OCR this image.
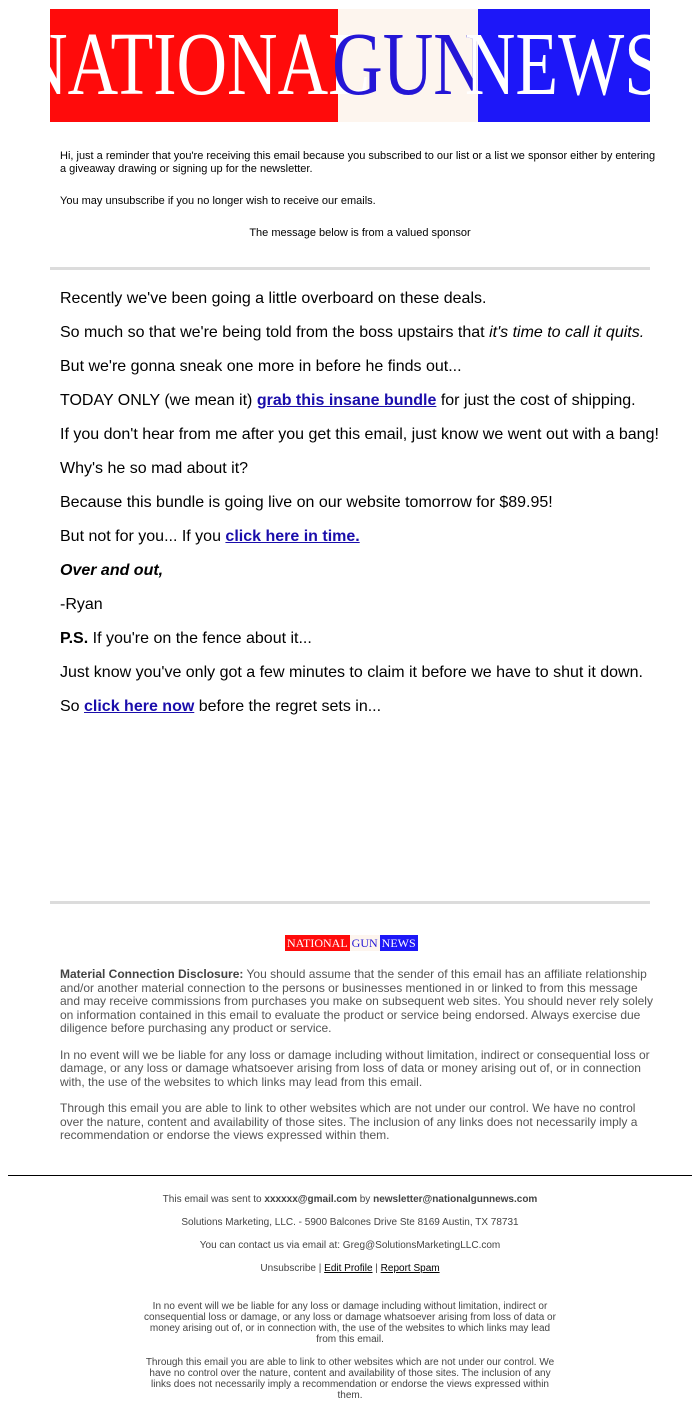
NATIONAL
GUN
NEWS

Hi, just a reminder that you're receiving this email because you subscribed to our list or a list we sponsor either by entering a giveaway drawing or signing up for the newsletter.

You may unsubscribe if you no longer wish to receive our emails.

The message below is from a valued sponsor

Recently we've been going a little overboard on these deals.

So much so that we're being told from the boss upstairs that it's time to call it quits.

But we're gonna sneak one more in before he finds out...

TODAY ONLY (we mean it) grab this insane bundle for just the cost of shipping.

If you don't hear from me after you get this email, just know we went out with a bang!

Why's he so mad about it?

Because this bundle is going live on our website tomorrow for $89.95!

But not for you... If you click here in time.

Over and out,

-Ryan

P.S. If you're on the fence about it...

Just know you've only got a few minutes to claim it before we have to shut it down.

So click here now before the regret sets in...

NATIONAL GUN NEWS

Material Connection Disclosure: You should assume that the sender of this email has an affiliate relationship and/or another material connection to the persons or businesses mentioned in or linked to from this message and may receive commissions from purchases you make on subsequent web sites. You should never rely solely on information contained in this email to evaluate the product or service being endorsed. Always exercise due diligence before purchasing any product or service.

In no event will we be liable for any loss or damage including without limitation, indirect or consequential loss or damage, or any loss or damage whatsoever arising from loss of data or money arising out of, or in connection with, the use of the websites to which links may lead from this email.

Through this email you are able to link to other websites which are not under our control. We have no control over the nature, content and availability of those sites. The inclusion of any links does not necessarily imply a recommendation or endorse the views expressed within them.

This email was sent to xxxxxx@gmail.com by newsletter@nationalgunnews.com

Solutions Marketing, LLC. - 5900 Balcones Drive Ste 8169 Austin, TX 78731

You can contact us via email at: Greg@SolutionsMarketingLLC.com

Unsubscribe | Edit Profile | Report Spam

In no event will we be liable for any loss or damage including without limitation, indirect or consequential loss or damage, or any loss or damage whatsoever arising from loss of data or money arising out of, or in connection with, the use of the websites to which links may lead from this email.

Through this email you are able to link to other websites which are not under our control. We have no control over the nature, content and availability of those sites. The inclusion of any links does not necessarily imply a recommendation or endorse the views expressed within them.
